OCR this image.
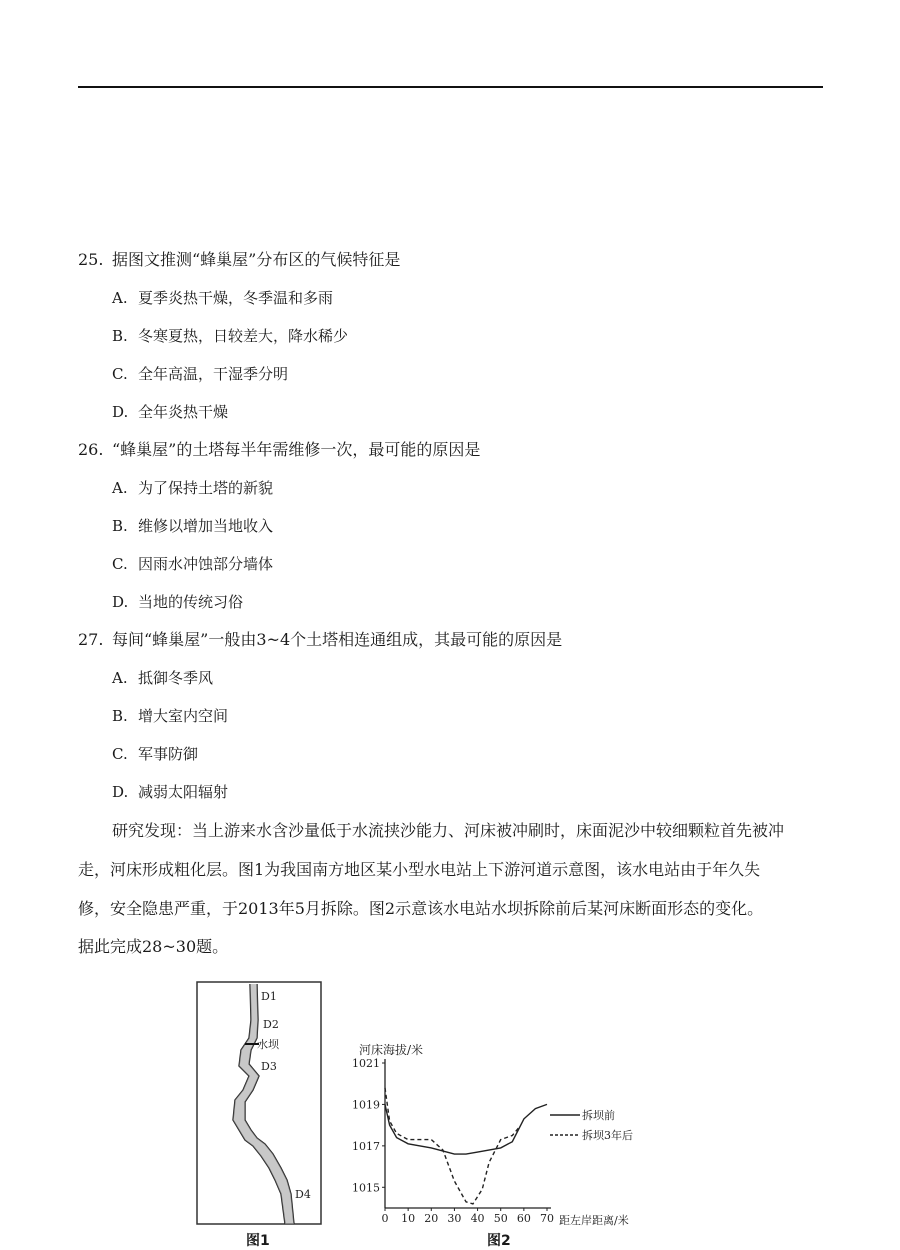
25. 据图文推测“蜂巢屋”分布区的气候特征是
A. 夏季炎热干燥，冬季温和多雨
B. 冬寒夏热，日较差大，降水稀少
C. 全年高温，干湿季分明
D. 全年炎热干燥
26. “蜂巢屋”的土塔每半年需维修一次，最可能的原因是
A. 为了保持土塔的新貌
B. 维修以增加当地收入
C. 因雨水冲蚀部分墙体
D. 当地的传统习俗
27. 每间“蜂巢屋”一般由3~4个土塔相连通组成，其最可能的原因是
A. 抵御冬季风
B. 增大室内空间
C. 军事防御
D. 减弱太阳辐射
研究发现：当上游来水含沙量低于水流挟沙能力、河床被冲刷时，床面泥沙中较细颗粒首先被冲
走，河床形成粗化层。图1为我国南方地区某小型水电站上下游河道示意图，该水电站由于年久失
修，安全隐患严重，于2013年5月拆除。图2示意该水电站水坝拆除前后某河床断面形态的变化。
据此完成28~30题。
D1
D2
水坝
D3
D4
图1
河床海拔/米
距左岸距离/米
0 10 20 30 40 50 60 70
1021
1019
1017
1015
拆坝前
拆坝3年后
图2
